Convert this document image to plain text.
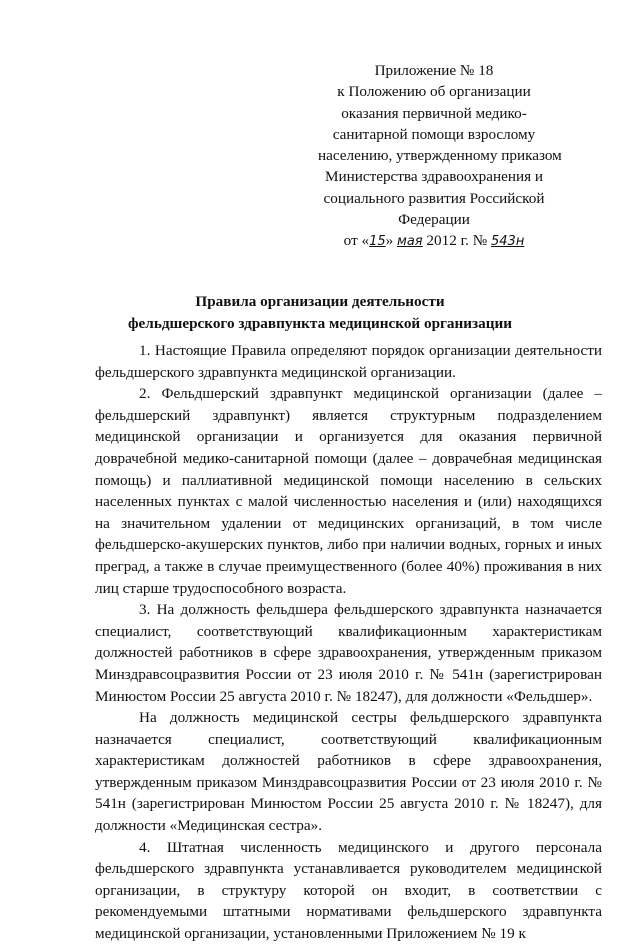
Приложение № 18
к Положению об организации
оказания первичной медико-
санитарной помощи взрослому
населению, утвержденному приказом
Министерства здравоохранения и
социального развития Российской
Федерации
от «15» мая 2012 г. № 543н
Правила организации деятельности
фельдшерского здравпункта медицинской организации

1. Настоящие Правила определяют порядок организации деятельности фельдшерского здравпункта медицинской организации.

2. Фельдшерский здравпункт медицинской организации (далее – фельдшерский здравпункт) является структурным подразделением медицинской организации и организуется для оказания первичной доврачебной медико-санитарной помощи (далее – доврачебная медицинская помощь) и паллиативной медицинской помощи населению в сельских населенных пунктах с малой численностью населения и (или) находящихся на значительном удалении от медицинских организаций, в том числе фельдшерско-акушерских пунктов, либо при наличии водных, горных и иных преград, а также в случае преимущественного (более 40%) проживания в них лиц старше трудоспособного возраста.

3. На должность фельдшера фельдшерского здравпункта назначается специалист, соответствующий квалификационным характеристикам должностей работников в сфере здравоохранения, утвержденным приказом Минздравсоцразвития России от 23 июля 2010 г. № 541н (зарегистрирован Минюстом России 25 августа 2010 г. № 18247), для должности «Фельдшер».

На должность медицинской сестры фельдшерского здравпункта назначается специалист, соответствующий квалификационным характеристикам должностей работников в сфере здравоохранения, утвержденным приказом Минздравсоцразвития России от 23 июля 2010 г. № 541н (зарегистрирован Минюстом России 25 августа 2010 г. № 18247), для должности «Медицинская сестра».

4. Штатная численность медицинского и другого персонала фельдшерского здравпункта устанавливается руководителем медицинской организации, в структуру которой он входит, в соответствии с рекомендуемыми штатными нормативами фельдшерского здравпункта медицинской организации, установленными Приложением № 19 к
